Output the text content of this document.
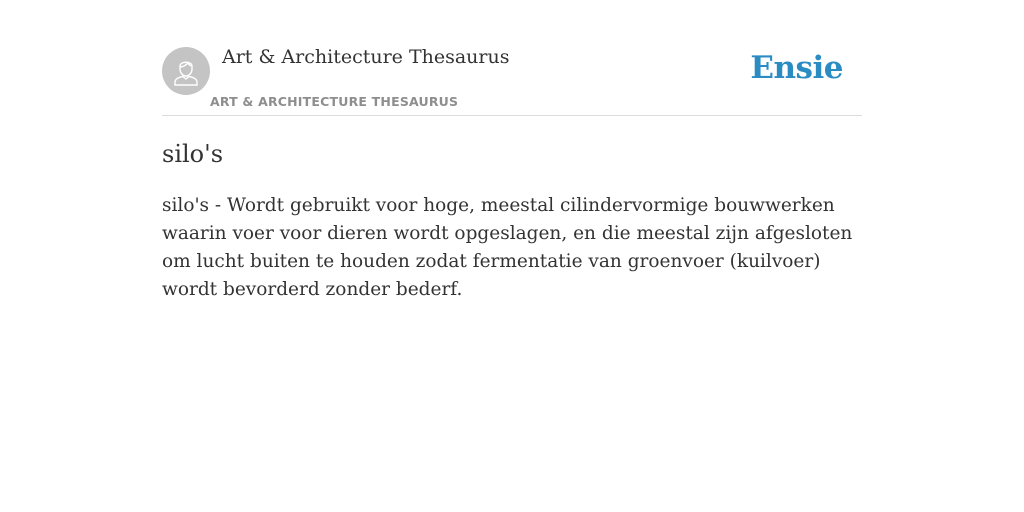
Art & Architecture Thesaurus
ART & ARCHITECTURE THESAURUS
Ensie
silo's

silo's - Wordt gebruikt voor hoge, meestal cilindervormige bouwwerken waarin voer voor dieren wordt opgeslagen, en die meestal zijn afgesloten om lucht buiten te houden zodat fermentatie van groenvoer (kuilvoer) wordt bevorderd zonder bederf.
